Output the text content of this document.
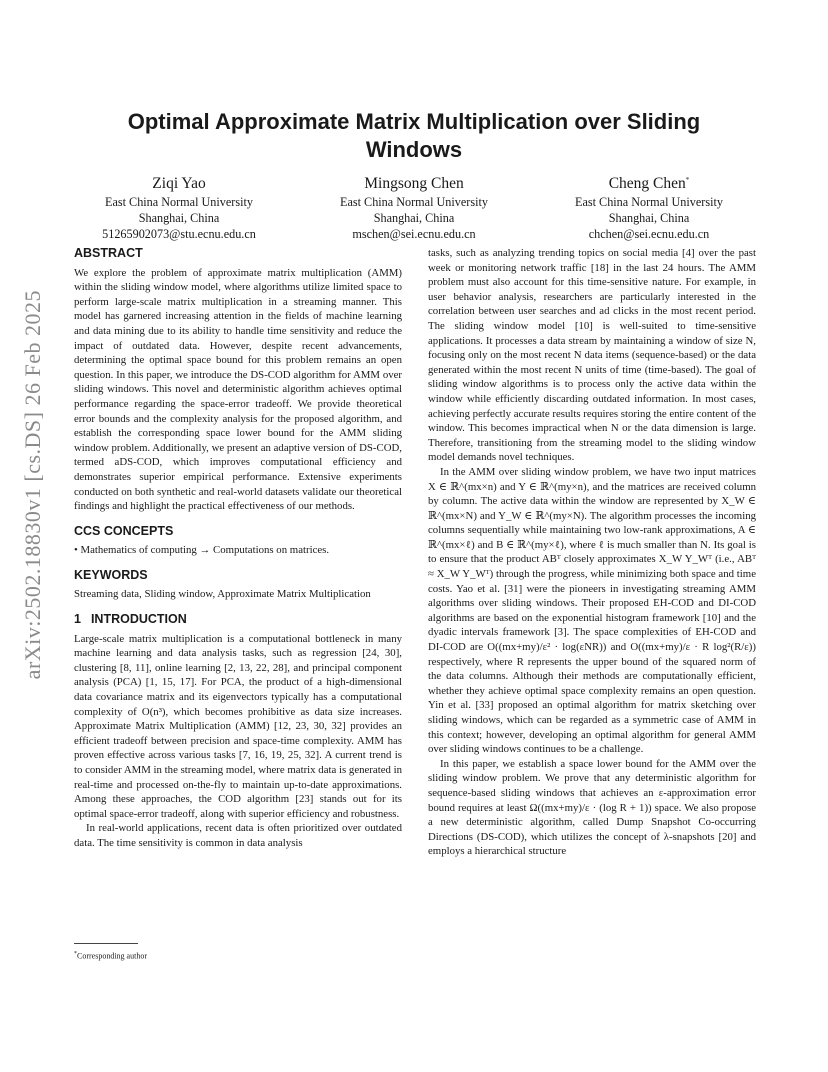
arXiv:2502.18830v1 [cs.DS] 26 Feb 2025
Optimal Approximate Matrix Multiplication over Sliding Windows
Ziqi Yao
East China Normal University
Shanghai, China
51265902073@stu.ecnu.edu.cn
Mingsong Chen
East China Normal University
Shanghai, China
mschen@sei.ecnu.edu.cn
Cheng Chen*
East China Normal University
Shanghai, China
chchen@sei.ecnu.edu.cn
ABSTRACT

We explore the problem of approximate matrix multiplication (AMM) within the sliding window model, where algorithms utilize limited space to perform large-scale matrix multiplication in a streaming manner. This model has garnered increasing attention in the fields of machine learning and data mining due to its ability to handle time sensitivity and reduce the impact of outdated data. However, despite recent advancements, determining the optimal space bound for this problem remains an open question. In this paper, we introduce the DS-COD algorithm for AMM over sliding windows. This novel and deterministic algorithm achieves optimal performance regarding the space-error tradeoff. We provide theoretical error bounds and the complexity analysis for the proposed algorithm, and establish the corresponding space lower bound for the AMM sliding window problem. Additionally, we present an adaptive version of DS-COD, termed aDS-COD, which improves computational efficiency and demonstrates superior empirical performance. Extensive experiments conducted on both synthetic and real-world datasets validate our theoretical findings and highlight the practical effectiveness of our methods.

CCS CONCEPTS

• Mathematics of computing → Computations on matrices.

KEYWORDS

Streaming data, Sliding window, Approximate Matrix Multiplication

1 INTRODUCTION

Large-scale matrix multiplication is a computational bottleneck in many machine learning and data analysis tasks, such as regression [24, 30], clustering [8, 11], online learning [2, 13, 22, 28], and principal component analysis (PCA) [1, 15, 17]. For PCA, the product of a high-dimensional data covariance matrix and its eigenvectors typically has a computational complexity of O(n³), which becomes prohibitive as data size increases. Approximate Matrix Multiplication (AMM) [12, 23, 30, 32] provides an efficient tradeoff between precision and space-time complexity. AMM has proven effective across various tasks [7, 16, 19, 25, 32]. A current trend is to consider AMM in the streaming model, where matrix data is generated in real-time and processed on-the-fly to maintain up-to-date approximations. Among these approaches, the COD algorithm [23] stands out for its optimal space-error tradeoff, along with superior efficiency and robustness.

In real-world applications, recent data is often prioritized over outdated data. The time sensitivity is common in data analysis

tasks, such as analyzing trending topics on social media [4] over the past week or monitoring network traffic [18] in the last 24 hours. The AMM problem must also account for this time-sensitive nature. For example, in user behavior analysis, researchers are particularly interested in the correlation between user searches and ad clicks in the most recent period. The sliding window model [10] is well-suited to time-sensitive applications. It processes a data stream by maintaining a window of size N, focusing only on the most recent N data items (sequence-based) or the data generated within the most recent N units of time (time-based). The goal of sliding window algorithms is to process only the active data within the window while efficiently discarding outdated information. In most cases, achieving perfectly accurate results requires storing the entire content of the window. This becomes impractical when N or the data dimension is large. Therefore, transitioning from the streaming model to the sliding window model demands novel techniques.

In the AMM over sliding window problem, we have two input matrices X ∈ ℝ^(mx×n) and Y ∈ ℝ^(my×n), and the matrices are received column by column. The active data within the window are represented by X_W ∈ ℝ^(mx×N) and Y_W ∈ ℝ^(my×N). The algorithm processes the incoming columns sequentially while maintaining two low-rank approximations, A ∈ ℝ^(mx×ℓ) and B ∈ ℝ^(my×ℓ), where ℓ is much smaller than N. Its goal is to ensure that the product ABᵀ closely approximates X_W Y_Wᵀ (i.e., ABᵀ ≈ X_W Y_Wᵀ) through the progress, while minimizing both space and time costs. Yao et al. [31] were the pioneers in investigating streaming AMM algorithms over sliding windows. Their proposed EH-COD and DI-COD algorithms are based on the exponential histogram framework [10] and the dyadic intervals framework [3]. The space complexities of EH-COD and DI-COD are O((mx+my)/ε² · log(εNR)) and O((mx+my)/ε · R log²(R/ε)) respectively, where R represents the upper bound of the squared norm of the data columns. Although their methods are computationally efficient, whether they achieve optimal space complexity remains an open question. Yin et al. [33] proposed an optimal algorithm for matrix sketching over sliding windows, which can be regarded as a symmetric case of AMM in this context; however, developing an optimal algorithm for general AMM over sliding windows continues to be a challenge.

In this paper, we establish a space lower bound for the AMM over the sliding window problem. We prove that any deterministic algorithm for sequence-based sliding windows that achieves an ε-approximation error bound requires at least Ω((mx+my)/ε · (log R + 1)) space. We also propose a new deterministic algorithm, called Dump Snapshot Co-occurring Directions (DS-COD), which utilizes the concept of λ-snapshots [20] and employs a hierarchical structure

*Corresponding author
